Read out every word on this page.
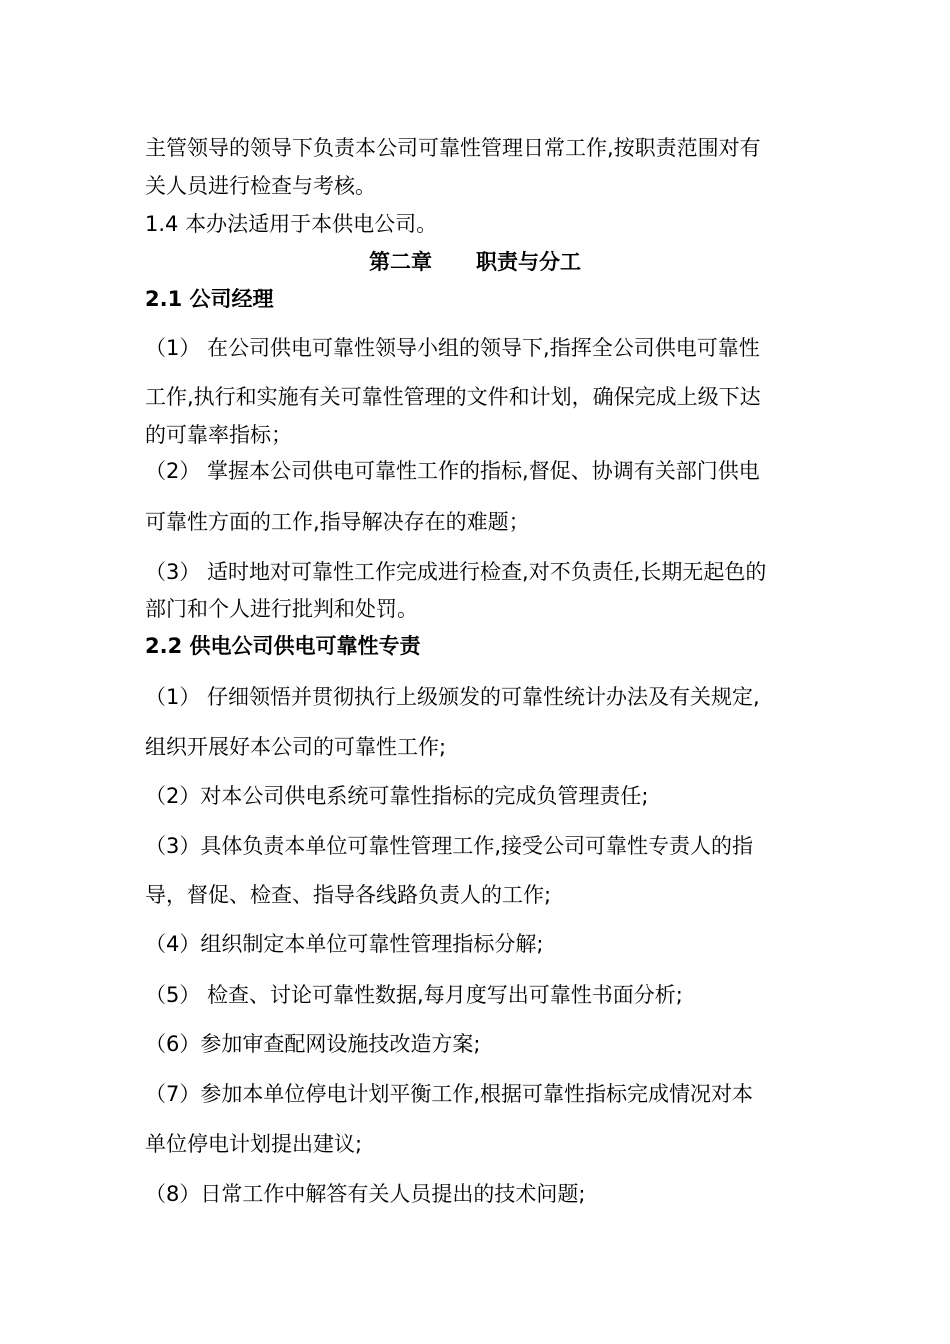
主管领导的领导下负责本公司可靠性管理日常工作,按职责范围对有
关人员进行检查与考核。
1.4 本办法适用于本供电公司。
第二章 职责与分工
2.1 公司经理
（1） 在公司供电可靠性领导小组的领导下,指挥全公司供电可靠性
工作,执行和实施有关可靠性管理的文件和计划，确保完成上级下达
的可靠率指标；
（2） 掌握本公司供电可靠性工作的指标,督促、协调有关部门供电
可靠性方面的工作,指导解决存在的难题；
（3） 适时地对可靠性工作完成进行检查,对不负责任,长期无起色的
部门和个人进行批判和处罚。
2.2 供电公司供电可靠性专责
（1） 仔细领悟并贯彻执行上级颁发的可靠性统计办法及有关规定,
组织开展好本公司的可靠性工作;
（2）对本公司供电系统可靠性指标的完成负管理责任;
（3）具体负责本单位可靠性管理工作,接受公司可靠性专责人的指
导，督促、检查、指导各线路负责人的工作;
（4）组织制定本单位可靠性管理指标分解;
（5） 检查、讨论可靠性数据,每月度写出可靠性书面分析;
（6）参加审查配网设施技改造方案;
（7）参加本单位停电计划平衡工作,根据可靠性指标完成情况对本
单位停电计划提出建议;
（8）日常工作中解答有关人员提出的技术问题;
